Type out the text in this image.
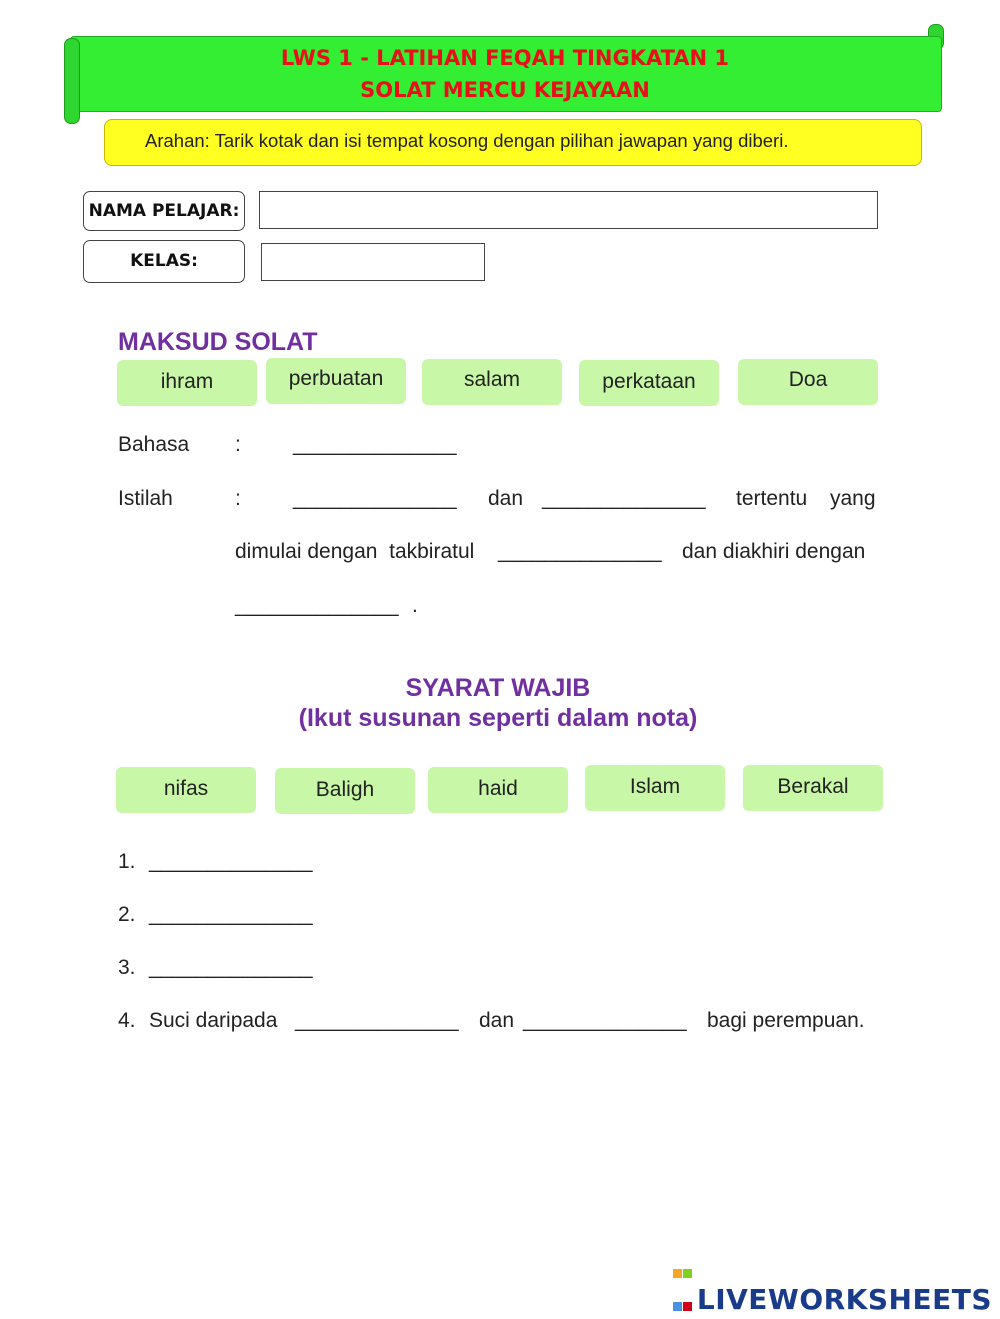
LWS 1 - LATIHAN FEQAH TINGKATAN 1
SOLAT MERCU KEJAYAAN
Arahan: Tarik kotak dan isi tempat kosong dengan pilihan jawapan yang diberi.
NAMA PELAJAR:
KELAS:
MAKSUD SOLAT
ihram	perbuatan	salam	perkataan	Doa
Bahasa : ______________
Istilah	: ______________ dan ______________ tertentu yang
dimulai dengan  takbiratul ______________ dan diakhiri dengan
______________ .
SYARAT WAJIB
(Ikut susunan seperti dalam nota)
nifas	Baligh	haid	Islam	Berakal
1. ______________
2. ______________
3. ______________
4. Suci daripada ______________ dan ______________ bagi perempuan.

LIVEWORKSHEETS
